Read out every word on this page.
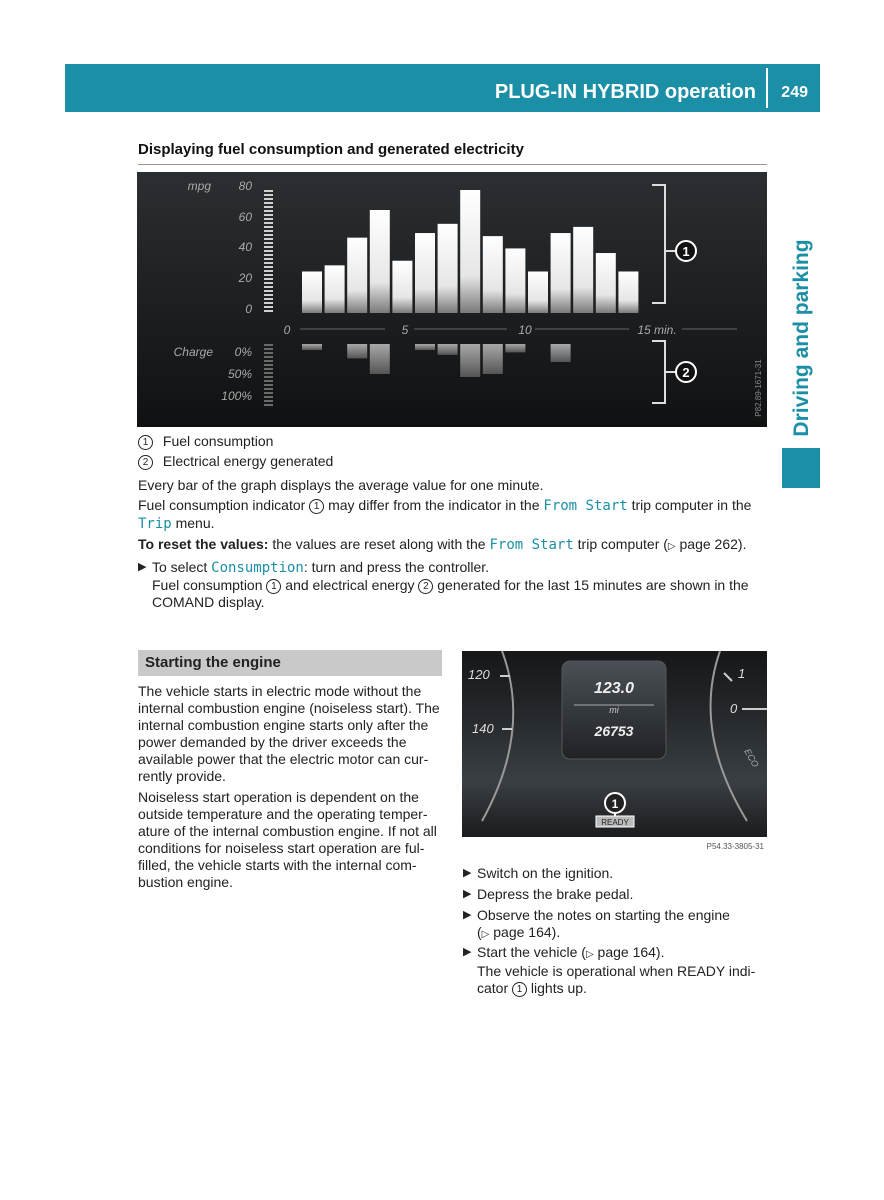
PLUG-IN HYBRID operation 249
Driving and parking
Displaying fuel consumption and generated electricity
mpg 80
60
40
20
0
0	5	10	15 min.
Charge 0%
50%
100%
1
2	P82.89-1671-31
1 Fuel consumption
2 Electrical energy generated
Every bar of the graph displays the average value for one minute.
Fuel consumption indicator 1 may differ from the indicator in the From Start trip computer in the Trip menu.
To reset the values: the values are reset along with the From Start trip computer (▷ page 262).
▶ To select Consumption: turn and press the controller.
Fuel consumption 1 and electrical energy 2 generated for the last 15 minutes are shown in the COMAND display.
Starting the engine
The vehicle starts in electric mode without the internal combustion engine (noiseless start). The internal combustion engine starts only after the power demanded by the driver exceeds the available power that the electric motor can cur-rently provide.
Noiseless start operation is dependent on the outside temperature and the operating temper-ature of the internal combustion engine. If not all conditions for noiseless start operation are ful-filled, the vehicle starts with the internal com-bustion engine.
120
140
1
0
ECO
123.0
mi
26753
1
READY
P54.33-3805-31
▶ Switch on the ignition.
▶ Depress the brake pedal.
▶ Observe the notes on starting the engine
(▷ page 164).
▶ Start the vehicle (▷ page 164).
The vehicle is operational when READY indi-
cator 1 lights up.
